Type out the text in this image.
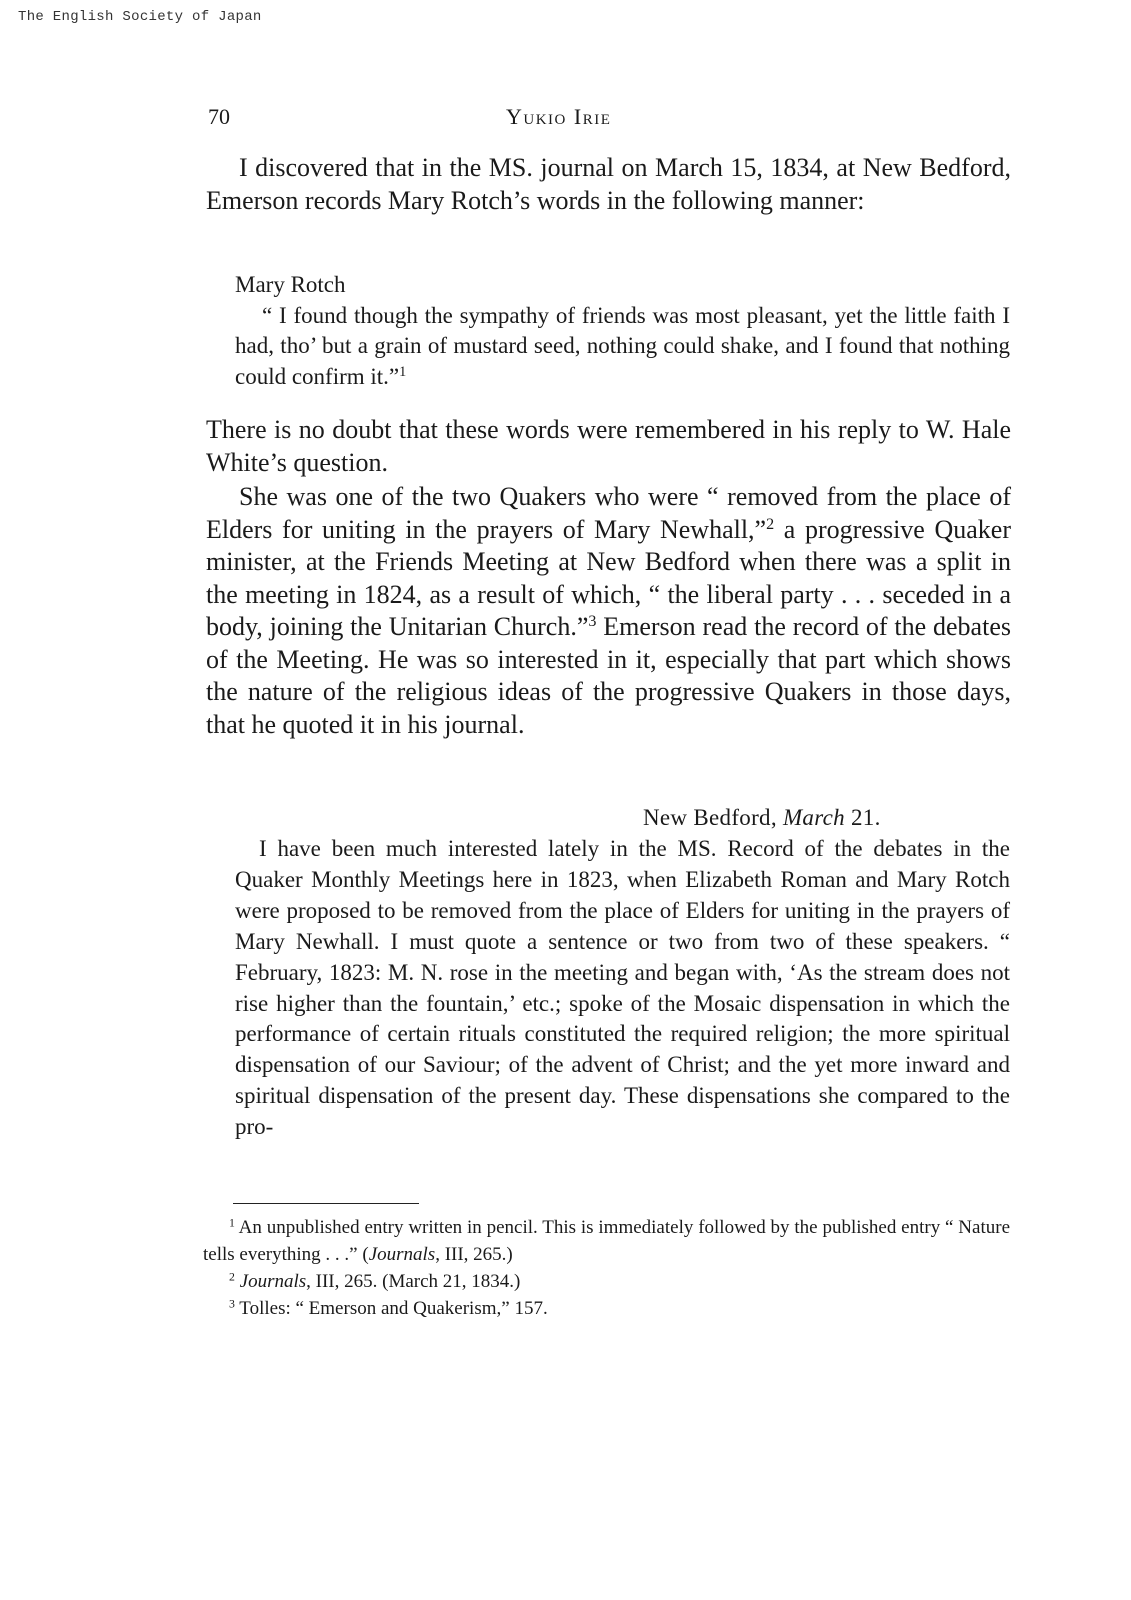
The English Society of Japan
70	Yukio Irie

I discovered that in the MS. journal on March 15, 1834, at New Bedford, Emerson records Mary Rotch’s words in the following manner:

Mary Rotch

“ I found though the sympathy of friends was most pleasant, yet the little faith I had, tho’ but a grain of mustard seed, nothing could shake, and I found that nothing could confirm it.”$^1$

There is no doubt that these words were remembered in his reply to W. Hale White’s question.

She was one of the two Quakers who were “ removed from the place of Elders for uniting in the prayers of Mary Newhall,”$^2$ a progressive Quaker minister, at the Friends Meeting at New Bedford when there was a split in the meeting in 1824, as a result of which, “ the liberal party . . . seceded in a body, joining the Unitarian Church.”$^3$ Emerson read the record of the debates of the Meeting. He was so interested in it, especially that part which shows the nature of the religious ideas of the progressive Quakers in those days, that he quoted it in his journal.

New Bedford, March 21.

I have been much interested lately in the MS. Record of the debates in the Quaker Monthly Meetings here in 1823, when Elizabeth Roman and Mary Rotch were proposed to be removed from the place of Elders for uniting in the prayers of Mary Newhall. I must quote a sentence or two from two of these speakers. “ February, 1823: M. N. rose in the meeting and began with, ‘As the stream does not rise higher than the fountain,’ etc.; spoke of the Mosaic dispensation in which the performance of certain rituals constituted the required religion; the more spiritual dispensation of our Saviour; of the advent of Christ; and the yet more inward and spiritual dispensation of the present day. These dispensations she compared to the pro-

$^1$ An unpublished entry written in pencil. This is immediately followed by the published entry “ Nature tells everything . . .” (Journals, III, 265.)

$^2$ Journals, III, 265. (March 21, 1834.)

$^3$ Tolles: “ Emerson and Quakerism,” 157.
